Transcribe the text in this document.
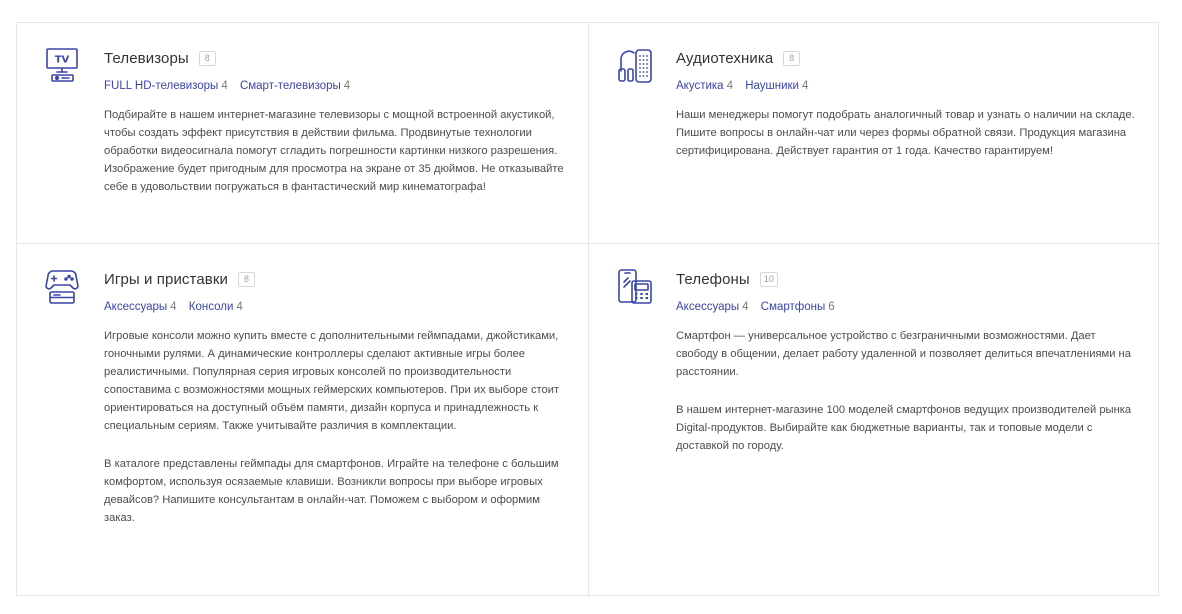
TV Телевизоры	8
FULL HD-телевизоры 4 Смарт-телевизоры 4

Подбирайте в нашем интернет-магазине телевизоры с мощной встроенной акустикой, чтобы создать эффект присутствия в действии фильма. Продвинутые технологии обработки видеосигнала помогут сгладить погрешности картинки низкого разрешения. Изображение будет пригодным для просмотра на экране от 35 дюймов. Не отказывайте себе в удовольствии погружаться в фантастический мир кинематографа!

Аудиотехника	8
Акустика 4 Наушники 4

Наши менеджеры помогут подобрать аналогичный товар и узнать о наличии на складе. Пишите вопросы в онлайн-чат или через формы обратной связи. Продукция магазина сертифицирована. Действует гарантия от 1 года. Качество гарантируем!

Игры и приставки	8
Аксессуары 4 Консоли 4

Игровые консоли можно купить вместе с дополнительными геймпадами, джойстиками, гоночными рулями. А динамические контроллеры сделают активные игры более реалистичными. Популярная серия игровых консолей по производительности сопоставима с возможностями мощных геймерских компьютеров. При их выборе стоит ориентироваться на доступный объём памяти, дизайн корпуса и принадлежность к специальным сериям. Также учитывайте различия в комплектации.

В каталоге представлены геймпады для смартфонов. Играйте на телефоне с большим комфортом, используя осязаемые клавиши. Возникли вопросы при выборе игровых девайсов? Напишите консультантам в онлайн-чат. Поможем с выбором и оформим заказ.

Телефоны	10
Аксессуары 4 Смартфоны 6

Смартфон — универсальное устройство с безграничными возможностями. Дает свободу в общении, делает работу удаленной и позволяет делиться впечатлениями на расстоянии.

В нашем интернет-магазине 100 моделей смартфонов ведущих производителей рынка Digital-продуктов. Выбирайте как бюджетные варианты, так и топовые модели с доставкой по городу.
